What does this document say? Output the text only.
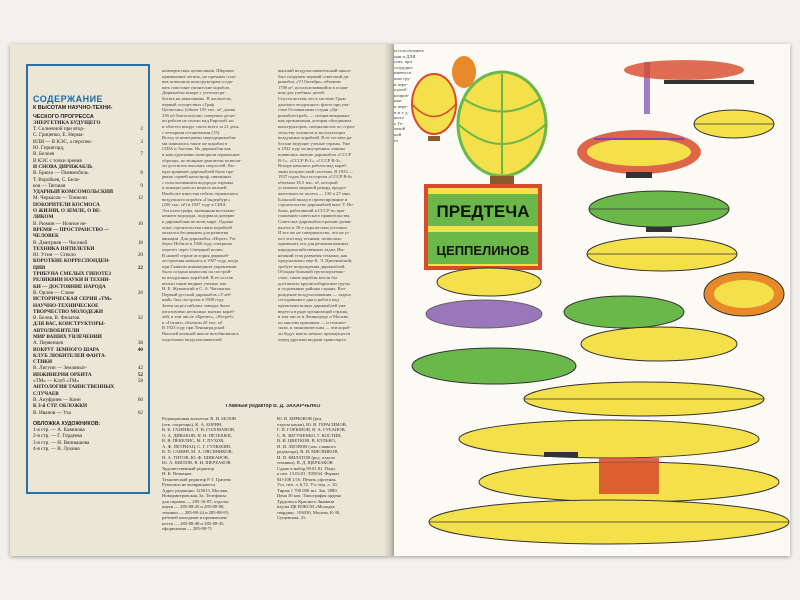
СОДЕРЖАНИЕ
К ВЫСОТАМ НАУЧНО-ТЕХНИ-
ЧЕСКОГО ПРОГРЕССА
ЭНЕРГЕТИКА БУДУЩЕГО
Т. Солнечной при втор-	2
С. Гриценко, Е. Нерма-
ИЛИ — В КЭС, а перспек-	3
Ю. Гиршгорд,
В. Белоев	7
В КЭС с точки зрения
И СНОВА ДИРИЖАБЛЬ
В. Брюхо — Пневмобиль	8
Т. Воробьев, С. Бели-
ков — Тяговая	9
УДАРНЫЙ КОМСОМОЛЬСКИЙ
М. Черкасов — Тоннели	12
ПОКОРИТЕЛИ КОСМОСА
О ЖИЗНИ, О ЗЕМЛЕ, О ВЕ-
ЛИКОМ
В. Рюмин — Ночное не-	16
ВРЕМЯ — ПРОСТРАНСТВО —
ЧЕЛОВЕК
В. Дмитриев — Часовой	18
ТЕХНИКА ПЯТИЛЕТКИ
Ю. Утин — Стекло	20
КОРОТКИЕ КОРРЕСПОНДЕН-
ЦИИ	22
ТРИБУНА СМЕЛЫХ ГИПОТЕЗ
РЕЛИКВИИ НАУКИ И ТЕХНИ-
КИ — ДОСТОЯНИЕ НАРОДА
В. Орлов — Слово	26
ИСТОРИЧЕСКАЯ СЕРИЯ «ТМ»
НАУЧНО-ТЕХНИЧЕСКОЕ
ТВОРЧЕСТВО МОЛОДЕЖИ
В. Белов, В. Филатов	32
ДЛЯ ВАС, КОНСТРУКТОРЫ-
АВТОЛЮБИТЕЛИ
МИР ВАШИХ УВЛЕЧЕНИЙ
А. Первенцев	38
ВОКРУГ ЗЕМНОГО ШАРА	40
КЛУБ ЛЮБИТЕЛЕЙ ФАНТА-
СТИКИ
В. Лигуин — Земляныт-	42
ИНЖИНЕРИЯ ОРБИТА	52
«ТМ» — Клуб «ТМ»	58
АНТОЛОГИЯ ТАИНСТВЕННЫХ
СЛУЧАЕВ
В. Ануфриев — Конн	60
К 3-й СТР. ОБЛОЖКИ
В. Иванов — Ухо	62
ОБЛОЖКА ХУДОЖНИКОВ:
1-я стр. — А. Кавинова
2-я стр. — Г. Гордеева
3-я стр. — Н. Вячнышева
4-я стр. — В. Лукина
коммерческих цеппелинов. Широкое
применение легких, но прочных спла-
вов позволило конструкторам созда-
вать поистине гигантские корабли.
Дирижабли вскоре с успехом ра-
ботать на авиалиниях. В частности,
первый осуществил «Граф
Цеппелин» (объем 105 тыс. м³, длина
236 м) благополучно совершил десят-
ки рейсов не только над Европой, но
и облетел вокруг света всего за 21 день
с четырьмя остановками (15).
Вслед за немецкими сверхдирижабля-
ми появились такие же корабли в
США и Англии. Их дирижабли как
и конструктивно повторили германские
образцы, но мощные двигатели позволя-
ли достигать высоких скоростей. Рас-
пространение дирижаблей было пре-
рвано серией катастроф, связанных
с использованием водорода: взрывы
и пожары унесли немало жизней.
Наиболее известна гибель германского
воздушного корабля «Гинденбург»
(200 тыс. м³) в 1937 году в США.
Эта катастрофа, вызванная воспламе-
нением водорода, подорвала доверие
к дирижаблям во всем мире. Однако
опыт строительства таких кораблей
оказался бесценным для развития
авиации. Для дирижабля «Норге» Ум-
берто Нобиле в 1926 году совершил
перелет через Северный полюс.
В нашей стране история дирижаб-
лестроения началась в 1907 году, когда
при Главном инженерном управлении
была создана комиссия по построй-
ке воздушных кораблей. В ее состав
вошли такие видные ученые, как
Н. Е. Жуковский и С. А. Чаплыгин.
Первый русский дирижабль «Учеб-
ный» был построен в 1908 году.
Затем на российских заводах было
изготовлено несколько мягких кораб-
лей, в том числе «Кречет», «Ястреб»
и «Гигант» объемом 20 тыс. м³.
В 1923 году при Ленинградской
Высшей военной школе возобновилась
подготовка воздухоплавателей.
высший воздухоплавательный школе
был сооружен первый советский ди-
рижабль «VI Октябрь» объемом
1700 м³, использовавшийся в основ-
ном для учебных целей.
Спустя восемь лет в системе Граж-
данского воздушного флота при уча-
стии Осоавиахима создан «Ди-
рижаблестрой» — специализирован-
ная организация, которая объединила
конструкторов, специалистов по строи-
тельству эллингов и эксплуатации
воздушных кораблей. В ее составе ра-
ботали ведущие ученые страны. Уже
в 1932 году на внутренних линиях
появились мягкие дирижабли «СССР
В-1», «СССР В-2», «СССР В-3».
Вскоре начались работы над кораб-
лями полужесткой системы. В 1933 —
1937 годах был построен «СССР В-6»
объемом 18,5 тыс. м³, который
установил мировой рекорд продол-
жительности полета — 130 ч 27 мин.
Большой вклад в проектирование и
строительство дирижаблей внес У. Но-
били, работавший в СССР по при-
глашению советского правительства.
Советское дирижаблестроение разви-
валось в 30-е годы весьма успешно.
И все же не совершенство, что не ус-
пел этот вид техники, позволяло
применять его для решения важных
народнохозяйственных задач. Ны-
нешний этап развития техники, как
предсказывал еще К. Э. Циолковский,
требует возрождения дирижаблей.
Обладая большой грузоподъемно-
стью, такие корабли могли бы
доставлять крупногабаритные грузы
в отдаленные районы страны. Воз-
рождение воздухоплавания — задача
сегодняшнего дня и работа над
проектами новых дирижаблей уже
ведется в ряде организаций страны,
в том числе в Ленинграде и Москве,
по многим причинам — и техниче-
ским, и экономическим — эти кораб-
ли будут иметь немало преимуществ
перед другими видами транспорта.
Главный редактор В. Д. ЗАХАРЧЕНКО
Редакционная коллегия: В. И. БЕЛОВ
(отв. секретарь), К. А. БОРИН,
В. К. ГАЗЕНКО, Л. Н. ГОЛОВАНОВ,
О. А. ДИВАКОВ, Н. Н. ПЕТЕШЕВ,
В. В. ПЕКЕЛИС, М. Г. ПУХОВ,
А. Ф. ПЕТРИАЦ, С. Г. ГУЛЮКИН,
В. П. САВИН, М. А. ОВСЯНИКОВ,
Н. А. ТИТОВ, Ю. Ф. ШИКАНОВ,
Ю. А. ШИЛОВ, В. И. ШЕРБАКОВ
Художественный редактор
Н. К. Вечканов
Технический редактор Р. Г. Грачева
Рукописи не возвращаются
Адрес редакции: 125015, Москва,
Новодмитровская, 5а. Телефоны:
для справок — 285-16-87; отделы:
науки — 285-88-45 и 285-88-80;
техники — 285-88-24 и 285-88-95;
рабочей молодежи и промышлен-
ности — 285-88-48 и 285-88-45;
оформления — 285-88-71
Ю. В. БИРЮКОВ (ред.
отдела науки), Ю. В. ГЕРАСИМОВ,
Г. П. ГОРЮНОВ, В. А. ГУБАНОВ,
С. В. ЗИГУНЕНКО, Г. КОСТИН,
В. И. ЦВЕТКОВ, В. КУЛЬКО,
И. И. ЛЕОНОВ (зам. главного
редактора), В. И. МЯСНИКОВ,
И. П. ФИЛАТОВ (ред. отдела
техники), В. Д. ЩЕРБАКОВ
Сдано в набор 09.01.81. Подп.
к печ. 13.03.81. Т05034. Формат
84×108 1/16. Печать офсетная.
Усл. печ. л. 6,72. Уч.-изд. л. 10.
Тираж 1 700 000 экз. Зак. 2080.
Цена 30 коп. Типография ордена
Трудового Красного Знамени
изд-ва ЦК ВЛКСМ «Молодая
гвардия». 103030, Москва, К-30,
Сущевская, 21.
ПРЕДТЕЧА
ЦЕППЕЛИНОВ
ы использовать
ции и ДЛЯ
стях, при
сотрудни-
имеются
шие гру-
и пере-
а необ-
нтиров-
ные
и пере-
и и т. д.
шого
о Ге-
лекой
ной
от
